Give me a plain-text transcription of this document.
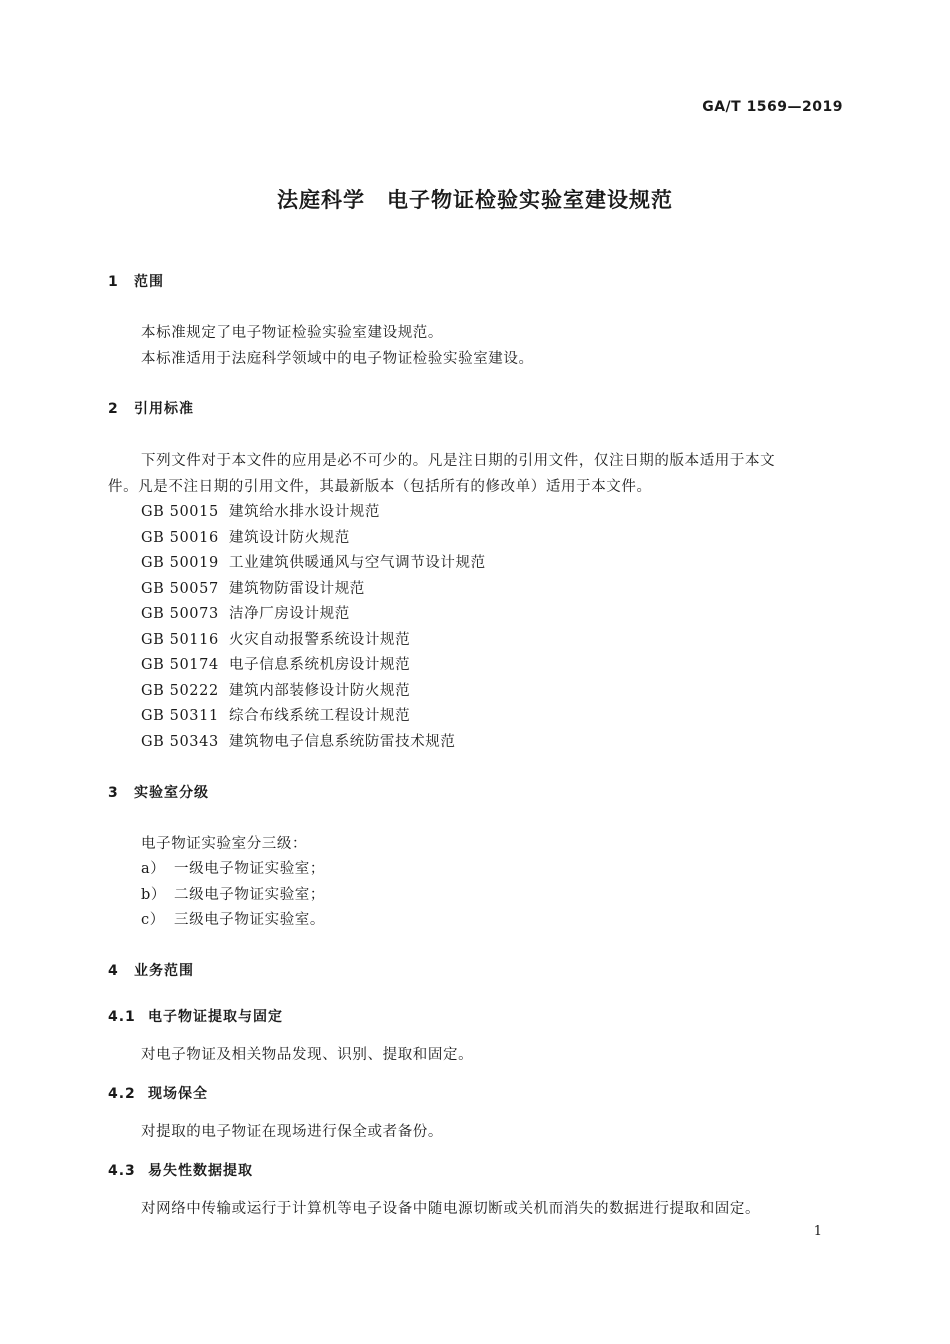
GA/T 1569—2019
法庭科学　电子物证检验实验室建设规范
1 范围
本标准规定了电子物证检验实验室建设规范。
本标准适用于法庭科学领域中的电子物证检验实验室建设。
2 引用标准
下列文件对于本文件的应用是必不可少的。凡是注日期的引用文件，仅注日期的版本适用于本文
件。凡是不注日期的引用文件，其最新版本（包括所有的修改单）适用于本文件。
GB 50015 建筑给水排水设计规范
GB 50016 建筑设计防火规范
GB 50019 工业建筑供暖通风与空气调节设计规范
GB 50057 建筑物防雷设计规范
GB 50073 洁净厂房设计规范
GB 50116 火灾自动报警系统设计规范
GB 50174 电子信息系统机房设计规范
GB 50222 建筑内部装修设计防火规范
GB 50311 综合布线系统工程设计规范
GB 50343 建筑物电子信息系统防雷技术规范
3 实验室分级
电子物证实验室分三级：
a） 一级电子物证实验室；
b） 二级电子物证实验室；
c） 三级电子物证实验室。
4 业务范围
4.1 电子物证提取与固定
对电子物证及相关物品发现、识别、提取和固定。
4.2 现场保全
对提取的电子物证在现场进行保全或者备份。
4.3 易失性数据提取
对网络中传输或运行于计算机等电子设备中随电源切断或关机而消失的数据进行提取和固定。
1
